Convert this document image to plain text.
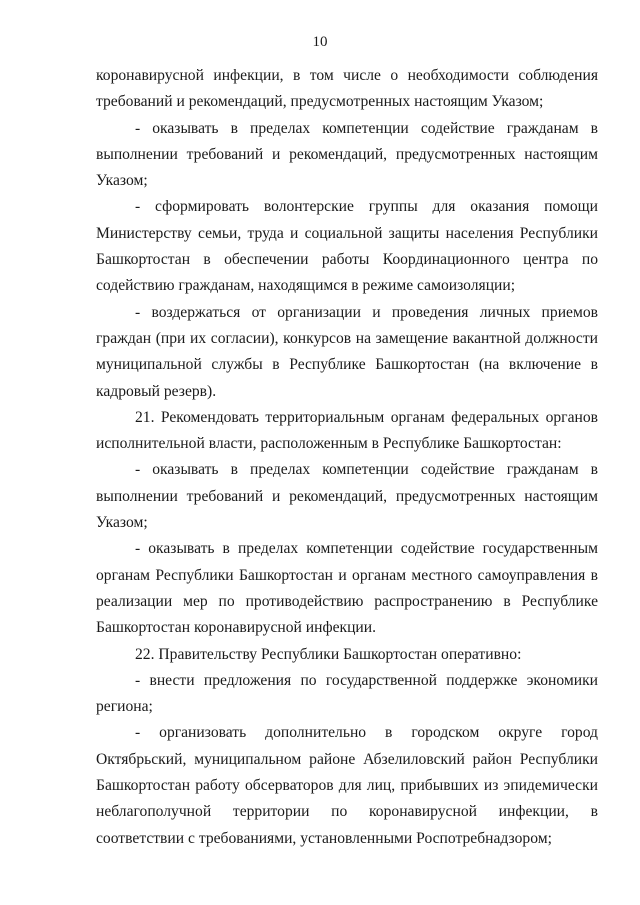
10

коронавирусной инфекции, в том числе о необходимости соблюдения требований и рекомендаций, предусмотренных настоящим Указом;

- оказывать в пределах компетенции содействие гражданам в выполнении требований и рекомендаций, предусмотренных настоящим Указом;

- сформировать волонтерские группы для оказания помощи Министерству семьи, труда и социальной защиты населения Республики Башкортостан в обеспечении работы Координационного центра по содействию гражданам, находящимся в режиме самоизоляции;

- воздержаться от организации и проведения личных приемов граждан (при их согласии), конкурсов на замещение вакантной должности муниципальной службы в Республике Башкортостан (на включение в кадровый резерв).

21. Рекомендовать территориальным органам федеральных органов исполнительной власти, расположенным в Республике Башкортостан:

- оказывать в пределах компетенции содействие гражданам в выполнении требований и рекомендаций, предусмотренных настоящим Указом;

- оказывать в пределах компетенции содействие государственным органам Республики Башкортостан и органам местного самоуправления в реализации мер по противодействию распространению в Республике Башкортостан коронавирусной инфекции.

22. Правительству Республики Башкортостан оперативно:

- внести предложения по государственной поддержке экономики региона;

- организовать дополнительно в городском округе город Октябрьский, муниципальном районе Абзелиловский район Республики Башкортостан работу обсерваторов для лиц, прибывших из эпидемически неблагополучной территории по коронавирусной инфекции, в соответствии с требованиями, установленными Роспотребнадзором;
